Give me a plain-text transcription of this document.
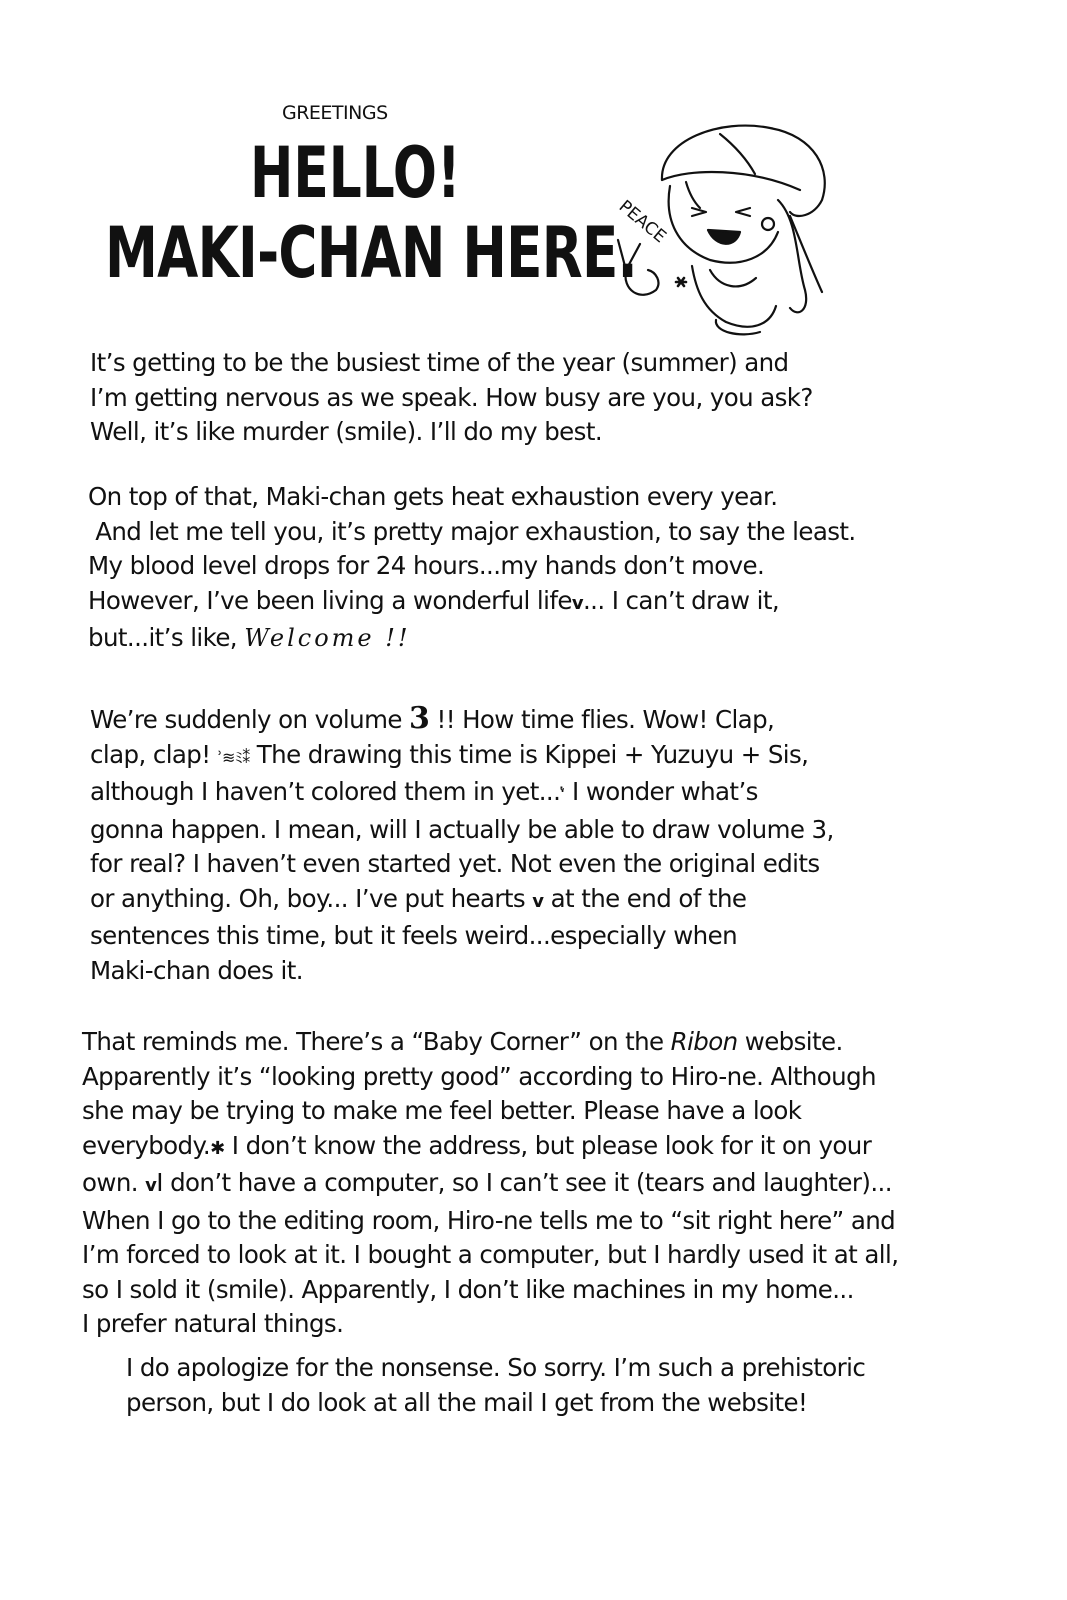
GREETINGS
HELLO!
MAKI-CHAN HERE.
PEACE
It’s getting to be the busiest time of the year (summer) and
I’m getting nervous as we speak. How busy are you, you ask?
Well, it’s like murder (smile). I’ll do my best.
On top of that, Maki-chan gets heat exhaustion every year.
And let me tell you, it’s pretty major exhaustion, to say the least.
My blood level drops for 24 hours...my hands don’t move.
However, I’ve been living a wonderful lifev... I can’t draw it,
but...it’s like, Welcome !!
We’re suddenly on volume 3 !! How time flies. Wow! Clap,
clap, clap! ʾ≋ﾐ⁑ The drawing this time is Kippei + Yuzuyu + Sis,
although I haven’t colored them in yet...ʻ̔ I wonder what’s
gonna happen. I mean, will I actually be able to draw volume 3,
for real? I haven’t even started yet. Not even the original edits
or anything. Oh, boy... I’ve put hearts v at the end of the
sentences this time, but it feels weird...especially when
Maki-chan does it.
That reminds me. There’s a “Baby Corner” on the Ribon website.
Apparently it’s “looking pretty good” according to Hiro-ne. Although
she may be trying to make me feel better. Please have a look
everybody.✱ I don’t know the address, but please look for it on your
own. vI don’t have a computer, so I can’t see it (tears and laughter)...
When I go to the editing room, Hiro-ne tells me to “sit right here” and
I’m forced to look at it. I bought a computer, but I hardly used it at all,
so I sold it (smile). Apparently, I don’t like machines in my home...
I prefer natural things.
I do apologize for the nonsense. So sorry. I’m such a prehistoric
person, but I do look at all the mail I get from the website!
